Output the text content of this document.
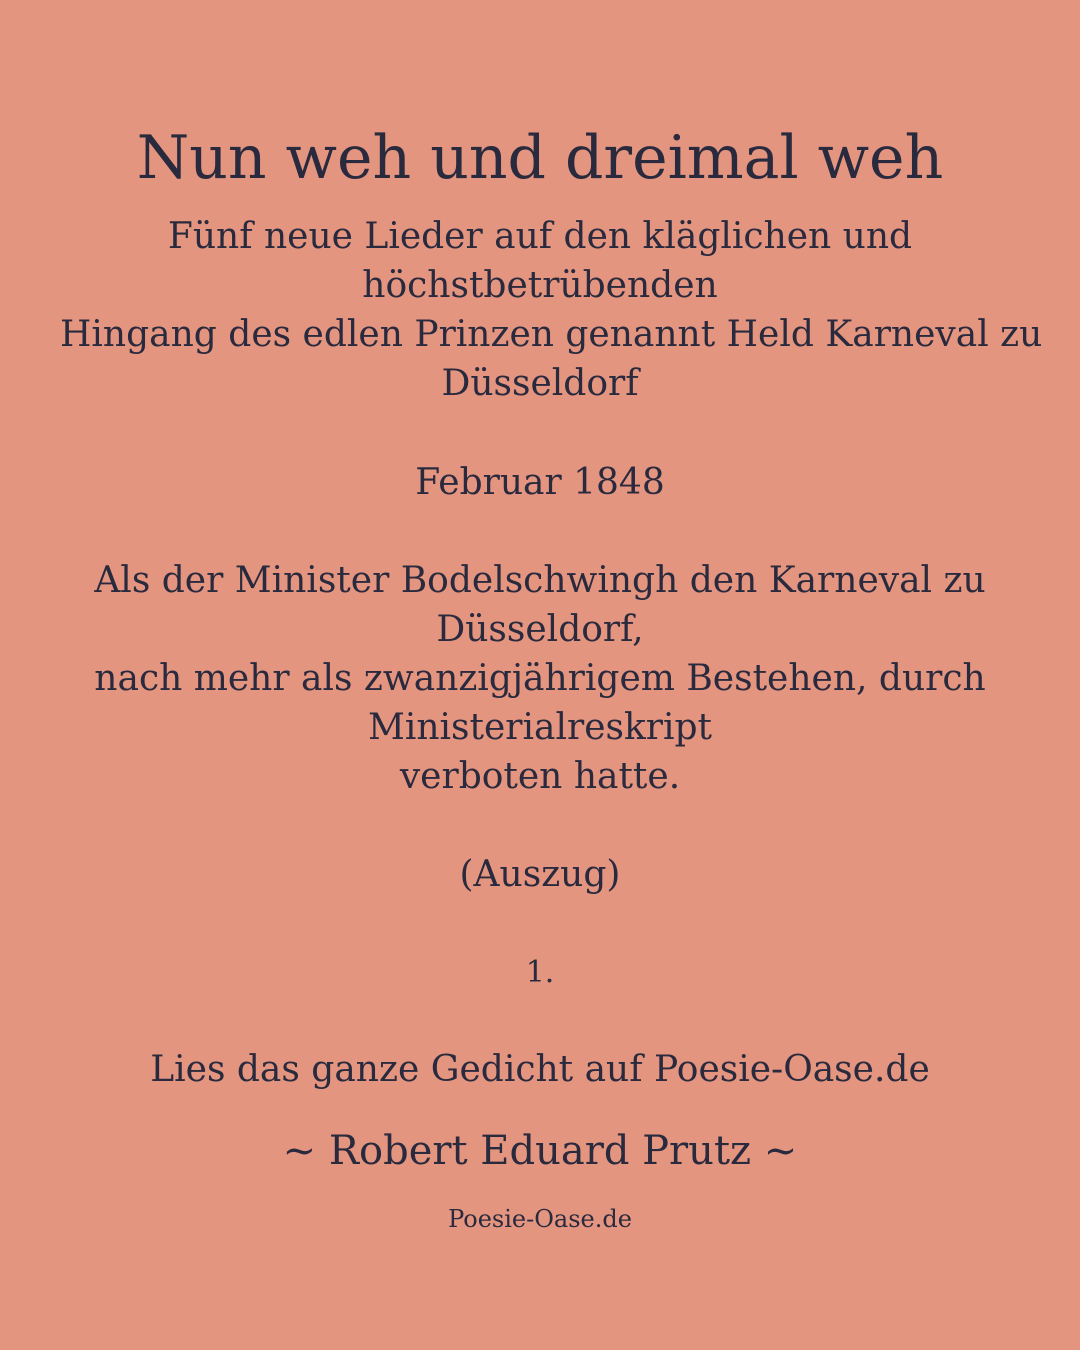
Nun weh und dreimal weh
Fünf neue Lieder auf den kläglichen und
höchstbetrübenden
Hingang des edlen Prinzen genannt Held Karneval zu
Düsseldorf
Februar 1848
Als der Minister Bodelschwingh den Karneval zu
Düsseldorf,
nach mehr als zwanzigjährigem Bestehen, durch
Ministerialreskript
verboten hatte.
(Auszug)
1.
Lies das ganze Gedicht auf Poesie-Oase.de
~ Robert Eduard Prutz ~
Poesie-Oase.de
